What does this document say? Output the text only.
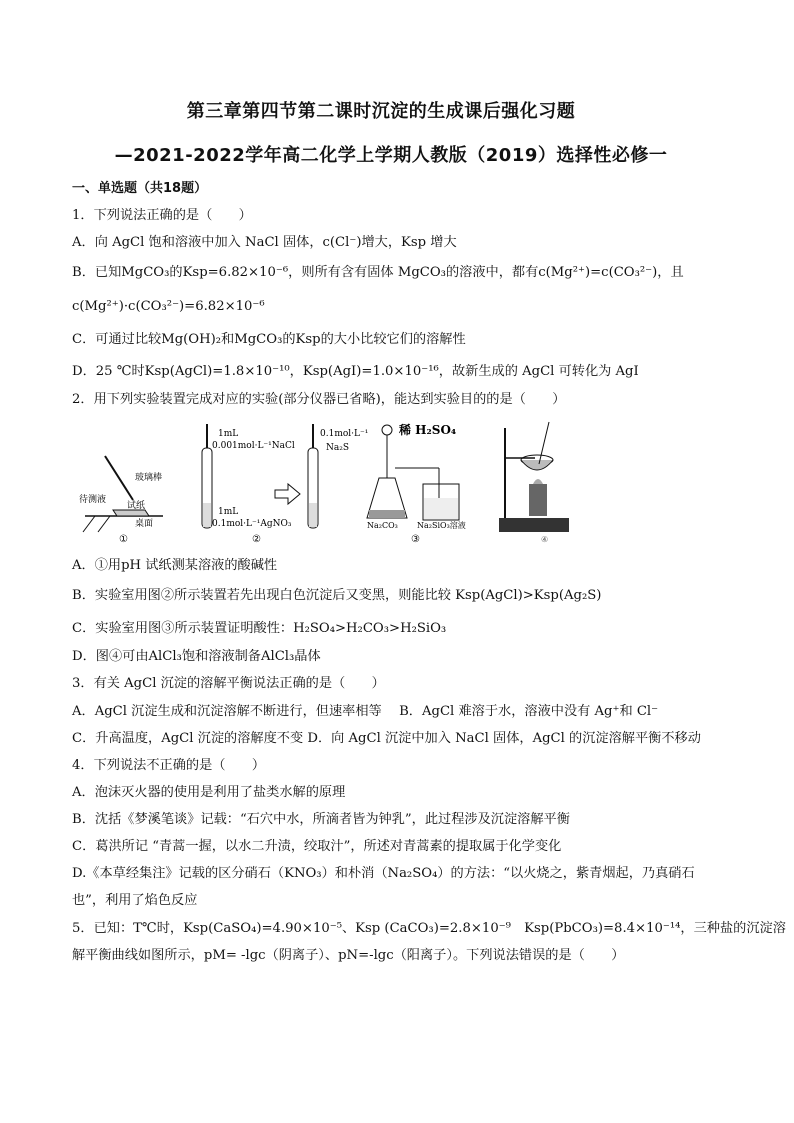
第三章第四节第二课时沉淀的生成课后强化习题
—2021-2022学年高二化学上学期人教版（2019）选择性必修一
一、单选题（共18题）
1．下列说法正确的是（　　）
A．向 AgCl 饱和溶液中加入 NaCl 固体，c(Cl⁻)增大，Ksp 增大
B．已知MgCO₃的Ksp=6.82×10⁻⁶，则所有含有固体 MgCO₃的溶液中，都有c(Mg²⁺)=c(CO₃²⁻)，且
c(Mg²⁺)·c(CO₃²⁻)=6.82×10⁻⁶
C．可通过比较Mg(OH)₂和MgCO₃的Ksp的大小比较它们的溶解性
D．25 ℃时Ksp(AgCl)=1.8×10⁻¹⁰，Ksp(AgI)=1.0×10⁻¹⁶，故新生成的 AgCl 可转化为 AgI
2．用下列实验装置完成对应的实验(部分仪器已省略)，能达到实验目的的是（　　）
玻璃棒
待测液
试纸
桌面
①
1mL
0.001mol·L⁻¹NaCl
1mL
0.1mol·L⁻¹AgNO₃
0.1mol·L⁻¹
Na₂S
②
稀 H₂SO₄
Na₂CO₃ Na₂SiO₃溶液
③	④
A．①用pH 试纸测某溶液的酸碱性
B．实验室用图②所示装置若先出现白色沉淀后又变黑，则能比较 Ksp(AgCl)>Ksp(Ag₂S)
C．实验室用图③所示装置证明酸性：H₂SO₄>H₂CO₃>H₂SiO₃
D．图④可由AlCl₃饱和溶液制备AlCl₃晶体
3．有关 AgCl 沉淀的溶解平衡说法正确的是（　　）
A．AgCl 沉淀生成和沉淀溶解不断进行，但速率相等　 B．AgCl 难溶于水，溶液中没有 Ag⁺和 Cl⁻
C．升高温度，AgCl 沉淀的溶解度不变 D．向 AgCl 沉淀中加入 NaCl 固体，AgCl 的沉淀溶解平衡不移动
4．下列说法不正确的是（　　）
A．泡沫灭火器的使用是利用了盐类水解的原理
B．沈括《梦溪笔谈》记载：“石穴中水，所滴者皆为钟乳”，此过程涉及沉淀溶解平衡
C．葛洪所记 “青蒿一握，以水二升渍，绞取汁”，所述对青蒿素的提取属于化学变化
D.《本草经集注》记载的区分硝石（KNO₃）和朴消（Na₂SO₄）的方法：“以火烧之，紫青烟起，乃真硝石
也”，利用了焰色反应
5．已知：T℃时，Ksp(CaSO₄)=4.90×10⁻⁵、Ksp (CaCO₃)=2.8×10⁻⁹　Ksp(PbCO₃)=8.4×10⁻¹⁴，三种盐的沉淀溶
解平衡曲线如图所示，pM= -lgc（阴离子）、pN=-lgc（阳离子）。下列说法错误的是（　　）
